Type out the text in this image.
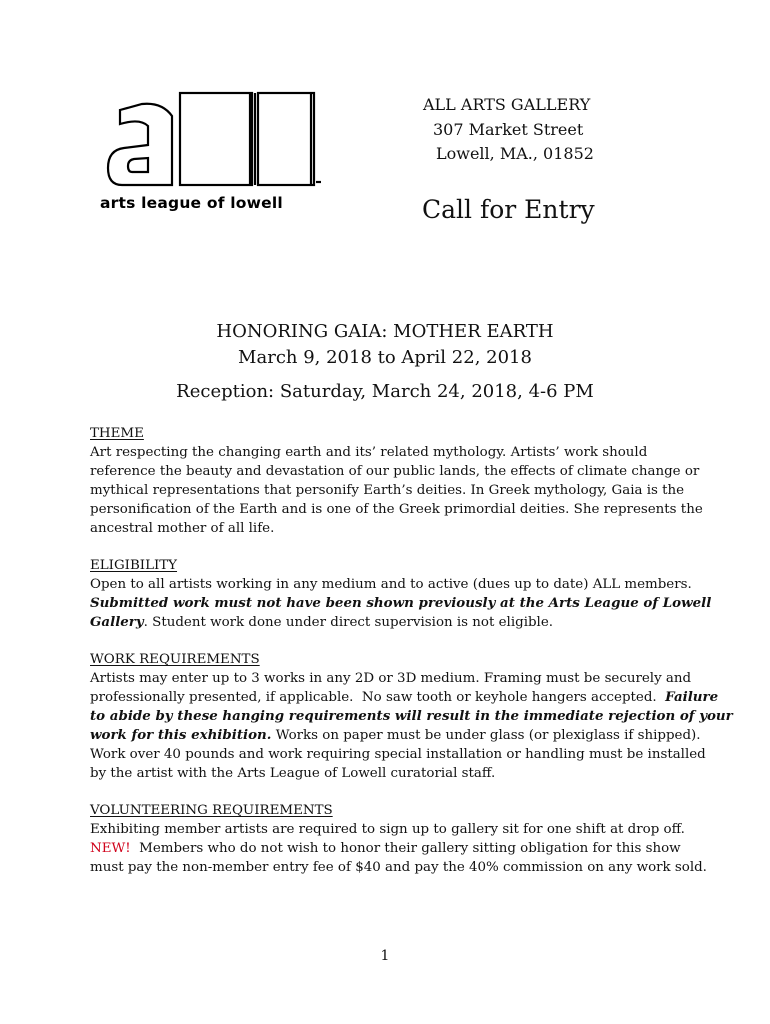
arts league of lowell
ALL ARTS GALLERY
307 Market Street
Lowell, MA., 01852
Call for Entry
HONORING GAIA: MOTHER EARTH
March 9, 2018 to April 22, 2018
Reception: Saturday, March 24, 2018, 4-6 PM
THEME
Art respecting the changing earth and its’ related mythology. Artists’ work should
reference the beauty and devastation of our public lands, the effects of climate change or
mythical representations that personify Earth’s deities. In Greek mythology, Gaia is the
personification of the Earth and is one of the Greek primordial deities. She represents the
ancestral mother of all life.
ELIGIBILITY
Open to all artists working in any medium and to active (dues up to date) ALL members.
Submitted work must not have been shown previously at the Arts League of Lowell
Gallery. Student work done under direct supervision is not eligible.
WORK REQUIREMENTS
Artists may enter up to 3 works in any 2D or 3D medium. Framing must be securely and
professionally presented, if applicable.  No saw tooth or keyhole hangers accepted.  Failure
to abide by these hanging requirements will result in the immediate rejection of your
work for this exhibition. Works on paper must be under glass (or plexiglass if shipped).
Work over 40 pounds and work requiring special installation or handling must be installed
by the artist with the Arts League of Lowell curatorial staff.
VOLUNTEERING REQUIREMENTS
Exhibiting member artists are required to sign up to gallery sit for one shift at drop off.
NEW!  Members who do not wish to honor their gallery sitting obligation for this show
must pay the non-member entry fee of $40 and pay the 40% commission on any work sold.
1
